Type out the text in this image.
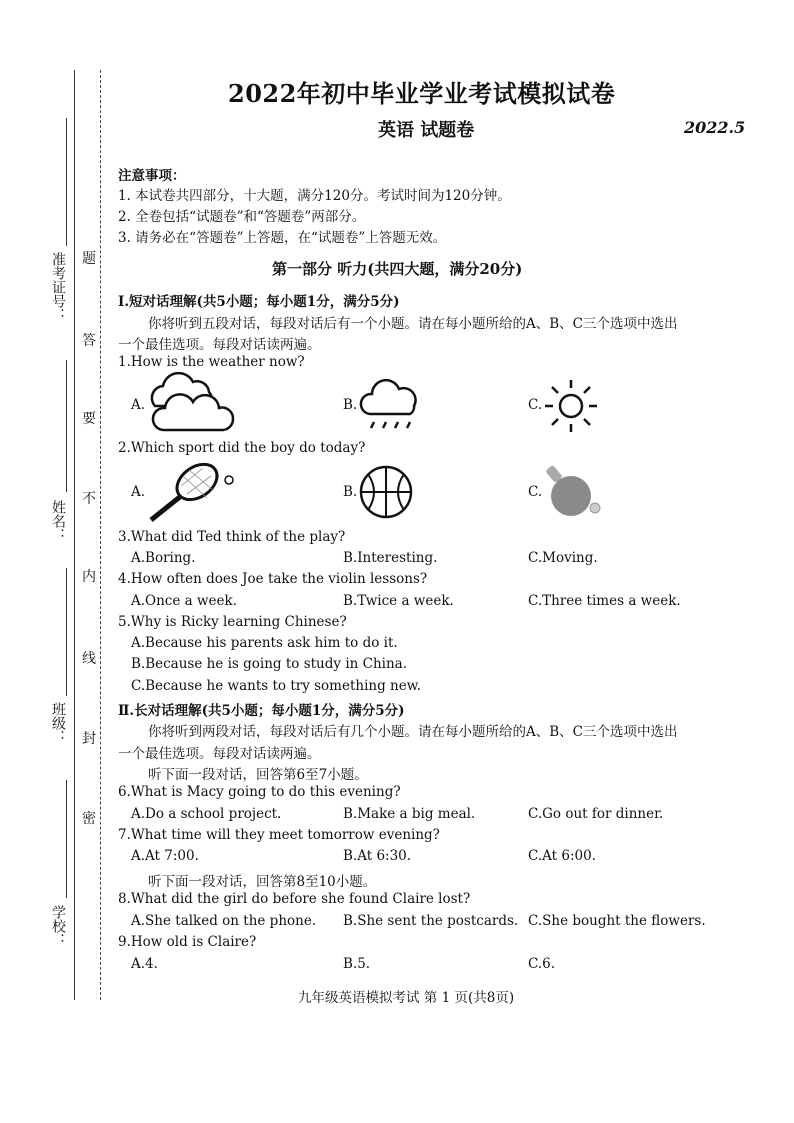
2022年初中毕业学业考试模拟试卷
英语 试题卷	2022.5
准考证号：
姓名：
班级：
学校：
题
答
要
不
内
线
封
密
注意事项：
1. 本试卷共四部分，十大题，满分120分。考试时间为120分钟。
2. 全卷包括“试题卷”和“答题卷”两部分。
3. 请务必在“答题卷”上答题，在“试题卷”上答题无效。
第一部分 听力(共四大题，满分20分)
Ⅰ.短对话理解(共5小题；每小题1分，满分5分)
你将听到五段对话，每段对话后有一个小题。请在每小题所给的A、B、C三个选项中选出
一个最佳选项。每段对话读两遍。
1.How is the weather now?
A.	B.	C.
2.Which sport did the boy do today?
A.	B.	C.
3.What did Ted think of the play?
A.Boring.	B.Interesting.	C.Moving.
4.How often does Joe take the violin lessons?
A.Once a week.	B.Twice a week.	C.Three times a week.
5.Why is Ricky learning Chinese?
A.Because his parents ask him to do it.
B.Because he is going to study in China.
C.Because he wants to try something new.
Ⅱ.长对话理解(共5小题；每小题1分，满分5分)
你将听到两段对话，每段对话后有几个小题。请在每小题所给的A、B、C三个选项中选出
一个最佳选项。每段对话读两遍。
听下面一段对话，回答第6至7小题。
6.What is Macy going to do this evening?
A.Do a school project.	B.Make a big meal.	C.Go out for dinner.
7.What time will they meet tomorrow evening?
A.At 7:00.	B.At 6:30.	C.At 6:00.
听下面一段对话，回答第8至10小题。
8.What did the girl do before she found Claire lost?
A.She talked on the phone. B.She sent the postcards. C.She bought the flowers.
9.How old is Claire?
A.4.	B.5.	C.6.
九年级英语模拟考试 第 1 页(共8页)
